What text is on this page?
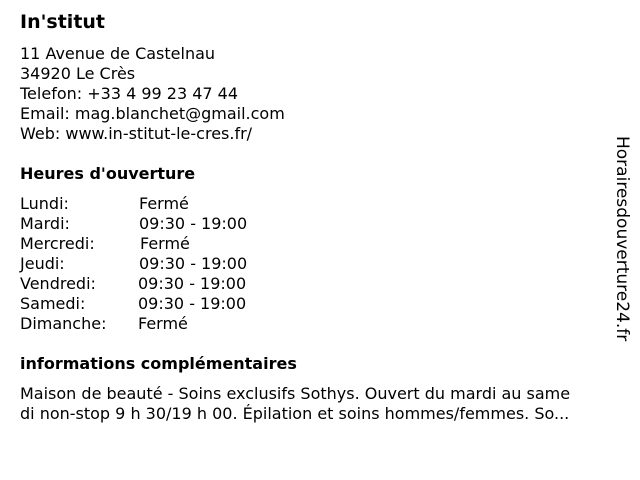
In'stitut
11 Avenue de Castelnau
34920 Le Crès
Telefon: +33 4 99 23 47 44
Email: mag.blanchet@gmail.com
Web: www.in-stitut-le-cres.fr/
Heures d'ouverture
Lundi:	Fermé
Mardi:	09:30 - 19:00
Mercredi:	Fermé
Jeudi:	09:30 - 19:00
Vendredi:	09:30 - 19:00
Samedi:	09:30 - 19:00
Dimanche: Fermé
informations complémentaires
Maison de beauté - Soins exclusifs Sothys. Ouvert du mardi au same
di non-stop 9 h 30/19 h 00. Épilation et soins hommes/femmes. So...
Horairesdouverture24.fr
